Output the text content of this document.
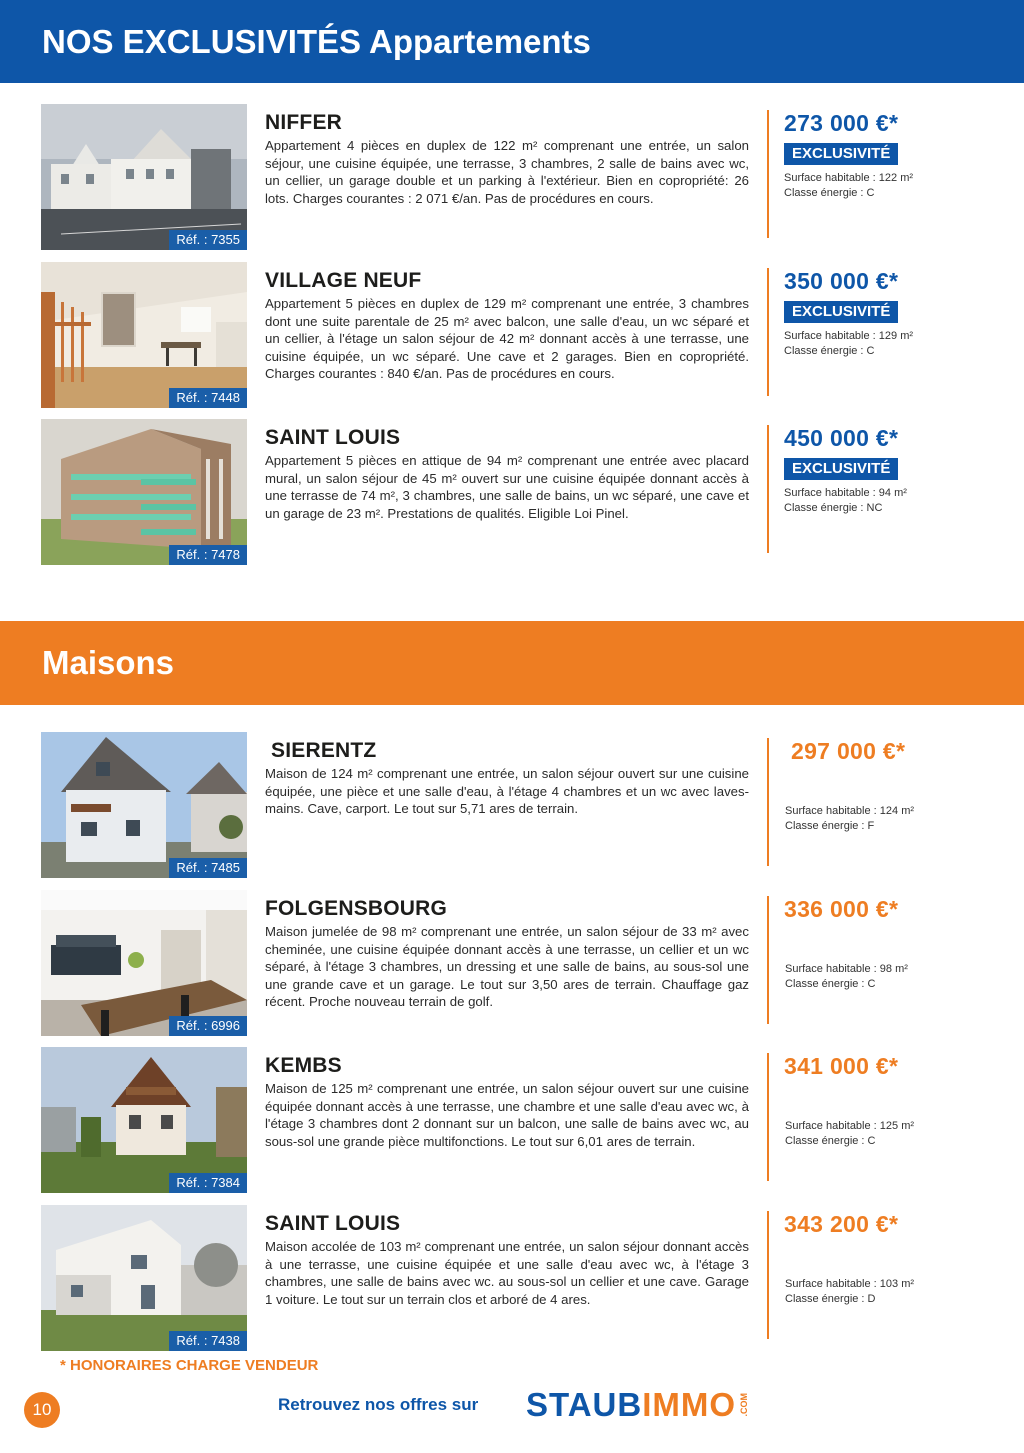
NOS EXCLUSIVITÉS Appartements
Réf. : 7355
NIFFER
Appartement 4 pièces en duplex de 122 m² comprenant une entrée, un salon séjour, une cuisine équipée, une terrasse, 3 chambres, 2 salle de bains avec wc, un cellier, un garage double et un parking à l'extérieur. Bien en copropriété: 26 lots. Charges courantes : 2 071 €/an. Pas de procédures en cours.
273 000 €*
EXCLUSIVITÉ
Surface habitable : 122 m²
Classe énergie : C
Réf. : 7448
VILLAGE NEUF
Appartement 5 pièces en duplex de 129 m² comprenant une entrée, 3 chambres dont une suite parentale de 25 m² avec balcon, une salle d'eau, un wc séparé et un cellier, à l'étage un salon séjour de 42 m² donnant accès à une terrasse, une cuisine équipée, un wc séparé. Une cave et 2 garages. Bien en copropriété. Charges courantes : 840 €/an. Pas de procédures en cours.
350 000 €*
EXCLUSIVITÉ
Surface habitable : 129 m²
Classe énergie : C
Réf. : 7478
SAINT LOUIS
Appartement 5 pièces en attique de 94 m² comprenant une entrée avec placard mural, un salon séjour de 45 m² ouvert sur une cuisine équipée donnant accès à une terrasse de 74 m², 3 chambres, une salle de bains, un wc séparé, une cave et un garage de 23 m². Prestations de qualités. Eligible Loi Pinel.
450 000 €*
EXCLUSIVITÉ
Surface habitable : 94 m²
Classe énergie : NC
Maisons
Réf. : 7485
SIERENTZ
Maison de 124 m² comprenant une entrée, un salon séjour ouvert sur une cuisine équipée, une pièce et une salle d'eau, à l'étage 4 chambres et un wc avec laves-mains. Cave, carport. Le tout sur 5,71 ares de terrain.
297 000 €*
Surface habitable : 124 m²
Classe énergie : F
Réf. : 6996
FOLGENSBOURG
Maison jumelée de 98 m² comprenant une entrée, un salon séjour de 33 m² avec cheminée, une cuisine équipée donnant accès à une terrasse, un cellier et un wc séparé, à l'étage 3 chambres, un dressing et une salle de bains, au sous-sol une une grande cave et un garage. Le tout sur 3,50 ares de terrain. Chauffage gaz récent. Proche nouveau terrain de golf.
336 000 €*
Surface habitable : 98 m²
Classe énergie : C
Réf. : 7384
KEMBS
Maison de 125 m² comprenant une entrée, un salon séjour ouvert sur une cuisine équipée donnant accès à une terrasse, une chambre et une salle d'eau avec wc, à l'étage 3 chambres dont 2 donnant sur un balcon, une salle de bains avec wc, au sous-sol une grande pièce multifonctions. Le tout sur 6,01 ares de terrain.
341 000 €*
Surface habitable : 125 m²
Classe énergie : C
Réf. : 7438
SAINT LOUIS
Maison accolée de 103 m² comprenant une entrée, un salon séjour donnant accès à une terrasse, une cuisine équipée et une salle d'eau avec wc, à l'étage 3 chambres, une salle de bains avec wc. au sous-sol un cellier et une cave. Garage 1 voiture. Le tout sur un terrain clos et arboré de 4 ares.
343 200 €*
Surface habitable : 103 m²
Classe énergie : D
* HONORAIRES CHARGE VENDEUR
10	Retrouvez nos offres sur STAUB IMMO .COM
